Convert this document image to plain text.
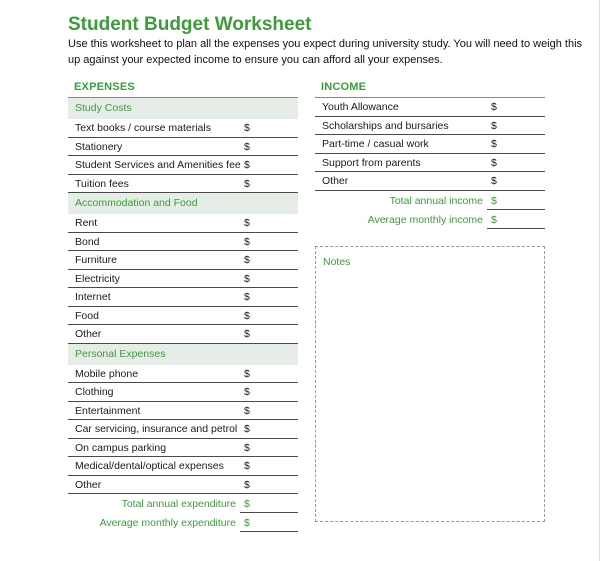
Student Budget Worksheet
Use this worksheet to plan all the expenses you expect during university study. You will need to weigh this up against your expected income to ensure you can afford all your expenses.
EXPENSES
Study Costs
Text books / course materials	$
Stationery	$
Student Services and Amenities fee $
Tuition fees	$
Accommodation and Food
Rent	$
Bond	$
Furniture	$
Electricity	$
Internet	$
Food	$
Other	$
Personal Expenses
Mobile phone	$
Clothing	$
Entertainment	$
Car servicing, insurance and petrol $
On campus parking	$
Medical/dental/optical expenses $
Other	$
Total annual expenditure $
Average monthly expenditure $
INCOME
Youth Allowance	$
Scholarships and bursaries	$
Part-time / casual work	$
Support from parents	$
Other	$
Total annual income $
Average monthly income $
Notes
